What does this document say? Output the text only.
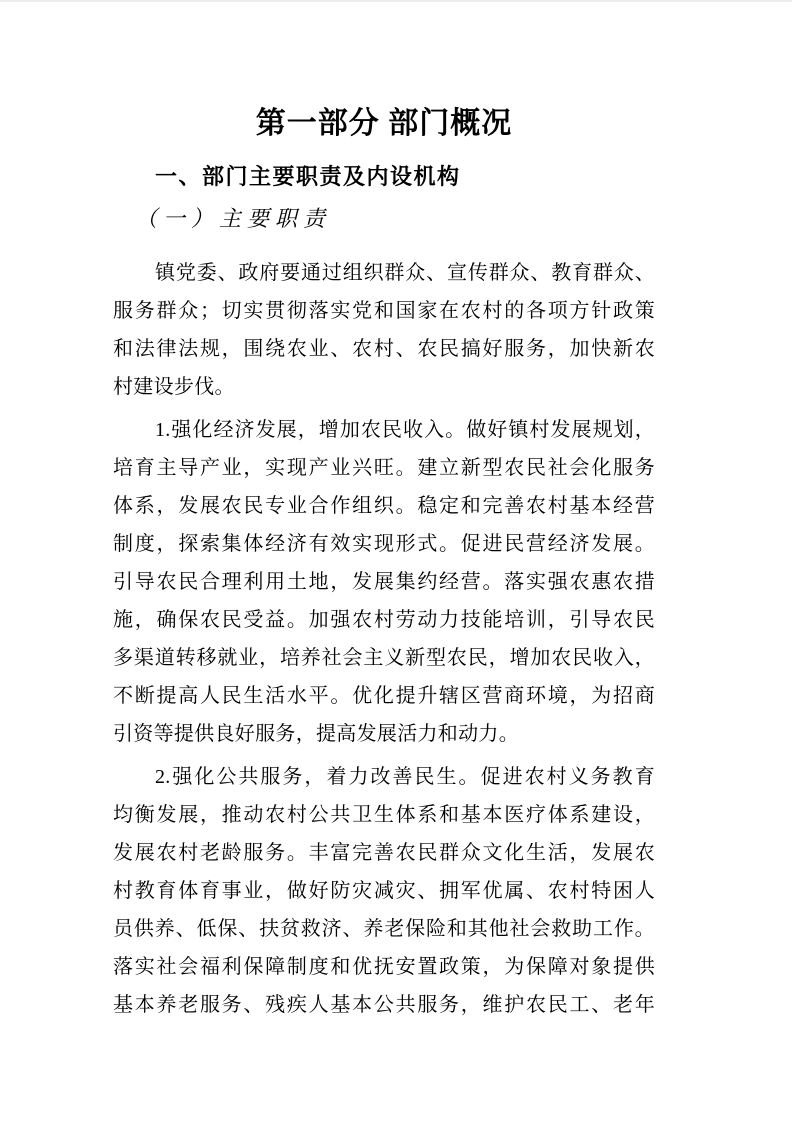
第一部分 部门概况
一、部门主要职责及内设机构
（一）主要职责
镇党委、政府要通过组织群众、宣传群众、教育群众、
服务群众；切实贯彻落实党和国家在农村的各项方针政策
和法律法规，围绕农业、农村、农民搞好服务，加快新农
村建设步伐。
1.强化经济发展，增加农民收入。做好镇村发展规划，
培育主导产业，实现产业兴旺。建立新型农民社会化服务
体系，发展农民专业合作组织。稳定和完善农村基本经营
制度，探索集体经济有效实现形式。促进民营经济发展。
引导农民合理利用土地，发展集约经营。落实强农惠农措
施，确保农民受益。加强农村劳动力技能培训，引导农民
多渠道转移就业，培养社会主义新型农民，增加农民收入，
不断提高人民生活水平。优化提升辖区营商环境，为招商
引资等提供良好服务，提高发展活力和动力。
2.强化公共服务，着力改善民生。促进农村义务教育
均衡发展，推动农村公共卫生体系和基本医疗体系建设，
发展农村老龄服务。丰富完善农民群众文化生活，发展农
村教育体育事业，做好防灾减灾、拥军优属、农村特困人
员供养、低保、扶贫救济、养老保险和其他社会救助工作。
落实社会福利保障制度和优抚安置政策，为保障对象提供
基本养老服务、残疾人基本公共服务，维护农民工、老年
